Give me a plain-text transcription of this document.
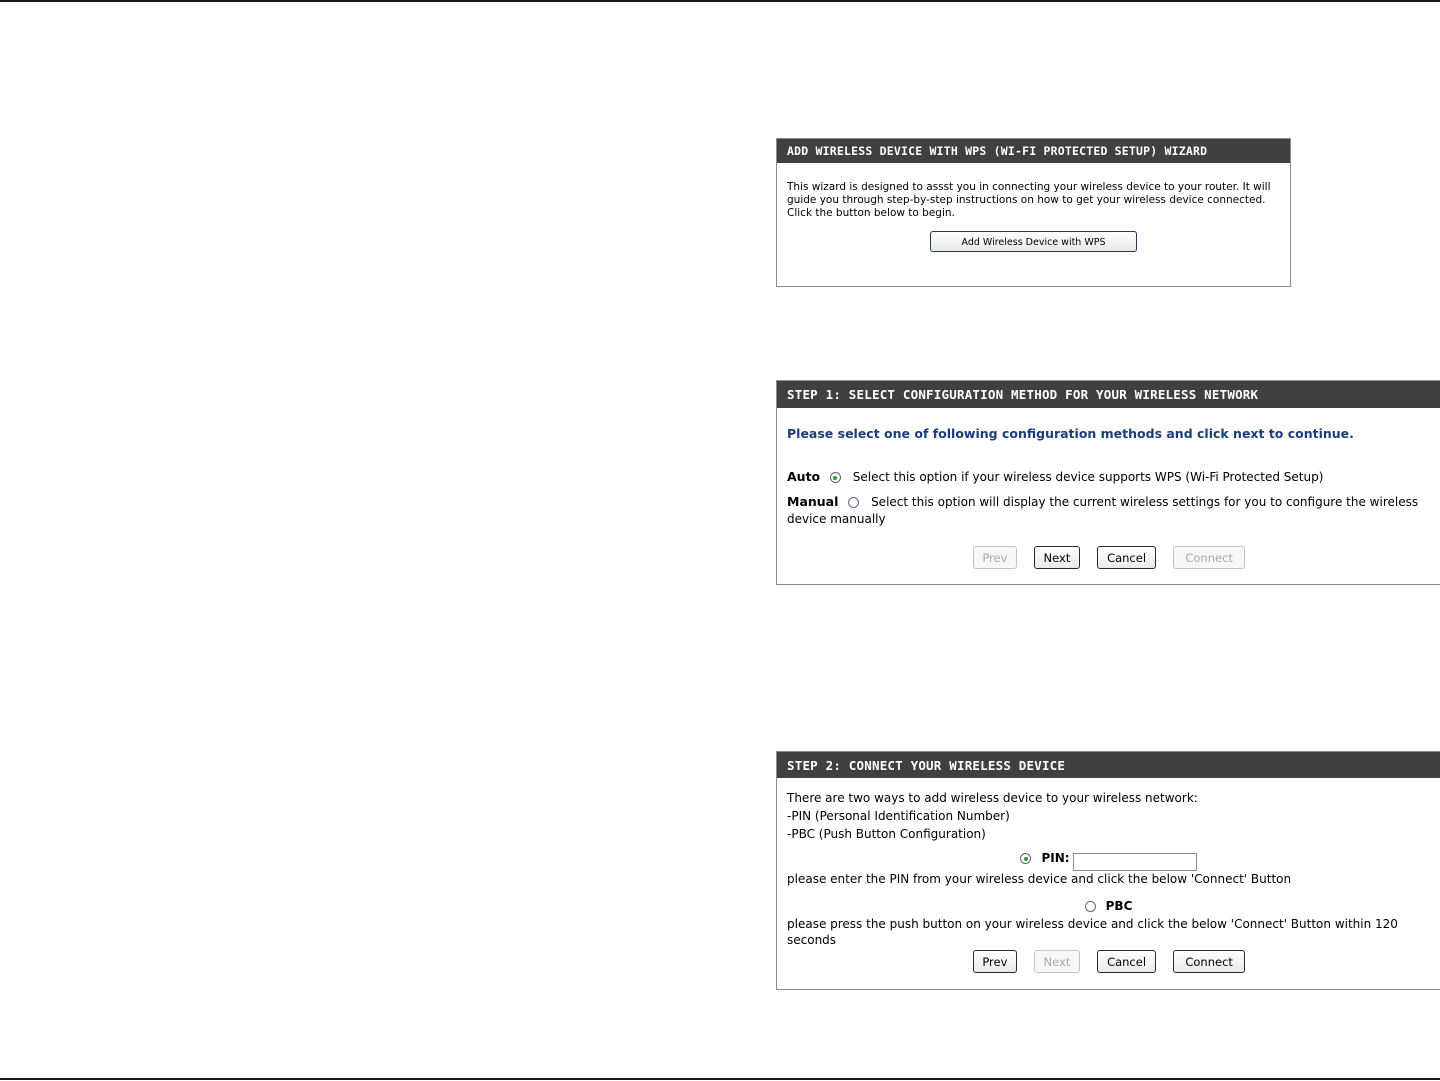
ADD WIRELESS DEVICE WITH WPS (WI-FI PROTECTED SETUP) WIZARD
This wizard is designed to assst you in connecting your wireless device to your router. It will guide you through step-by-step instructions on how to get your wireless device connected. Click the button below to begin.
Add Wireless Device with WPS
STEP 1: SELECT CONFIGURATION METHOD FOR YOUR WIRELESS NETWORK
Please select one of following configuration methods and click next to continue.
Auto	Select this option if your wireless device supports WPS (Wi-Fi Protected Setup)
Manual	Select this option will display the current wireless settings for you to configure the wireless device manually
Prev	Next	Cancel	Connect
STEP 2: CONNECT YOUR WIRELESS DEVICE
There are two ways to add wireless device to your wireless network:
-PIN (Personal Identification Number)
-PBC (Push Button Configuration)
PIN:
please enter the PIN from your wireless device and click the below 'Connect' Button
PBC
please press the push button on your wireless device and click the below 'Connect' Button within 120 seconds
Prev	Next	Cancel	Connect
